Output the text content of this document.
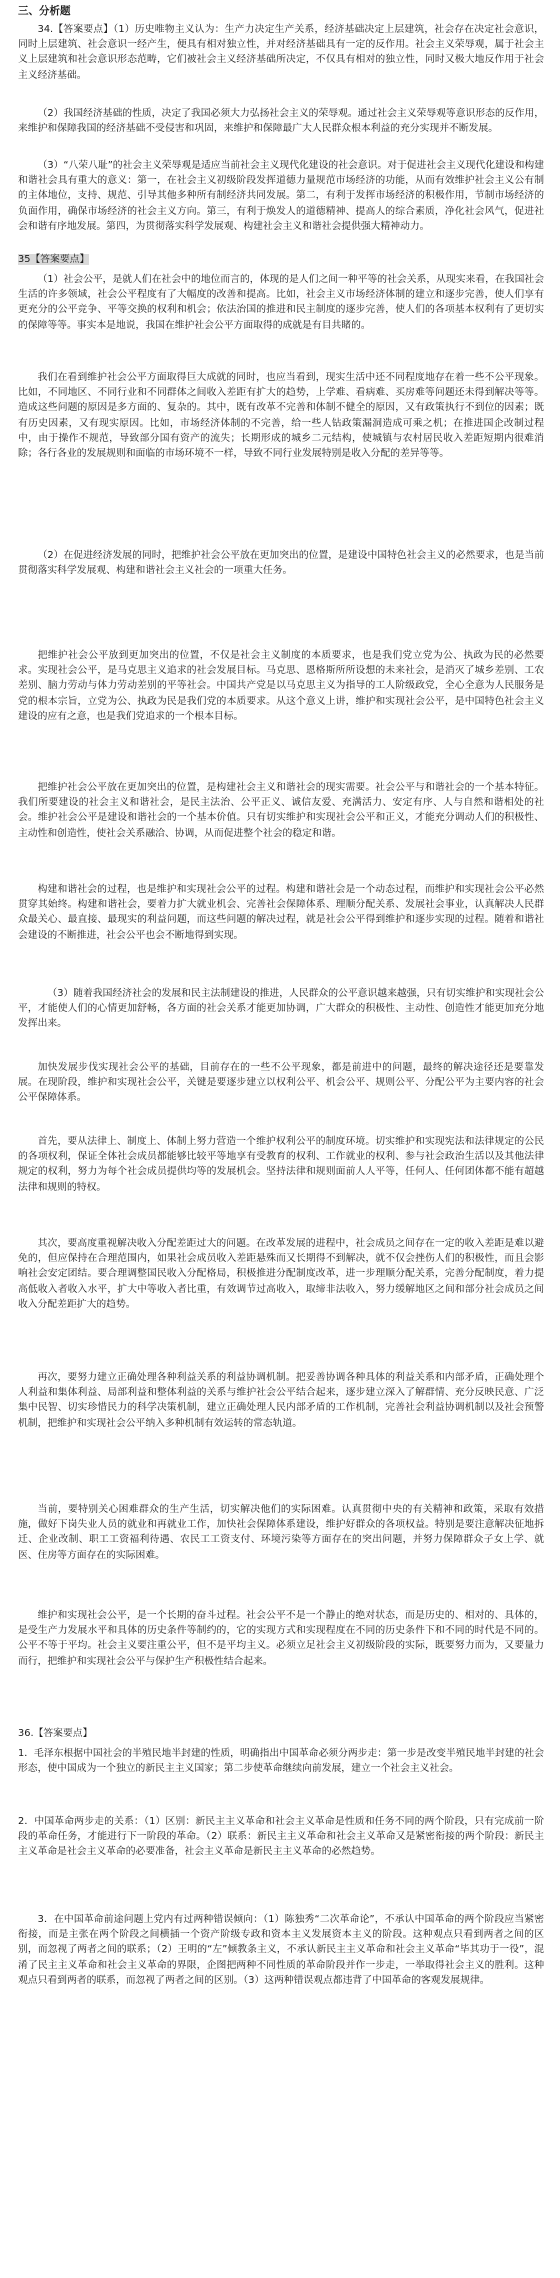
三、分析题

34.【答案要点】（1）历史唯物主义认为：生产力决定生产关系，经济基础决定上层建筑，社会存在决定社会意识，同时上层建筑、社会意识一经产生，便具有相对独立性，并对经济基础具有一定的反作用。社会主义荣辱观，属于社会主义上层建筑和社会意识形态范畴，它们被社会主义经济基础所决定，不仅具有相对的独立性，同时又极大地反作用于社会主义经济基础。

（2）我国经济基础的性质，决定了我国必须大力弘扬社会主义的荣辱观。通过社会主义荣辱观等意识形态的反作用，来维护和保障我国的经济基础不受侵害和巩固，来维护和保障最广大人民群众根本利益的充分实现并不断发展。

（3）“八荣八耻”的社会主义荣辱观是适应当前社会主义现代化建设的社会意识。对于促进社会主义现代化建设和构建和谐社会具有重大的意义：第一，在社会主义初级阶段发挥道德力量规范市场经济的功能，从而有效维护社会主义公有制的主体地位，支持、规范、引导其他多种所有制经济共同发展。第二，有利于发挥市场经济的积极作用，节制市场经济的负面作用，确保市场经济的社会主义方向。第三，有利于焕发人的道德精神、提高人的综合素质，净化社会风气，促进社会和谐有序地发展。第四，为贯彻落实科学发展观、构建社会主义和谐社会提供强大精神动力。

35【答案要点】

（1）社会公平，是就人们在社会中的地位而言的，体现的是人们之间一种平等的社会关系，从现实来看，在我国社会生活的许多领域，社会公平程度有了大幅度的改善和提高。比如，社会主义市场经济体制的建立和逐步完善，使人们享有更充分的公平竞争、平等交换的权利和机会；依法治国的推进和民主制度的逐步完善，使人们的各项基本权利有了更切实的保障等等。事实本是地说，我国在维护社会公平方面取得的成就是有目共睹的。

我们在看到维护社会公平方面取得巨大成就的同时，也应当看到，现实生活中还不同程度地存在着一些不公平现象。比如，不同地区、不同行业和不同群体之间收入差距有扩大的趋势，上学难、看病难、买房难等问题还未得到解决等等。造成这些问题的原因是多方面的、复杂的。其中，既有改革不完善和体制不健全的原因，又有政策执行不到位的因素；既有历史因素，又有现实原因。比如，市场经济体制的不完善，给一些人钻政策漏洞造成可乘之机；在推进国企改制过程中，由于操作不规范，导致部分国有资产的流失；长期形成的城乡二元结构，使城镇与农村居民收入差距短期内很难消除；各行各业的发展规则和面临的市场环境不一样，导致不同行业发展特别是收入分配的差异等等。

（2）在促进经济发展的同时，把维护社会公平放在更加突出的位置，是建设中国特色社会主义的必然要求，也是当前贯彻落实科学发展观、构建和谐社会主义社会的一项重大任务。

把维护社会公平放到更加突出的位置，不仅是社会主义制度的本质要求，也是我们党立党为公、执政为民的必然要求。实现社会公平，是马克思主义追求的社会发展目标。马克思、恩格斯所所设想的未来社会，是消灭了城乡差别、工农差别、脑力劳动与体力劳动差别的平等社会。中国共产党是以马克思主义为指导的工人阶级政党，全心全意为人民服务是党的根本宗旨，立党为公、执政为民是我们党的本质要求。从这个意义上讲，维护和实现社会公平，是中国特色社会主义建设的应有之意，也是我们党追求的一个根本目标。

把维护社会公平放在更加突出的位置，是构建社会主义和谐社会的现实需要。社会公平与和谐社会的一个基本特征。我们所要建设的社会主义和谐社会，是民主法治、公平正义、诚信友爱、充满活力、安定有序、人与自然和谐相处的社会。维护社会公平是建设和谐社会的一个基本价值。只有切实维护和实现社会公平和正义，才能充分调动人们的积极性、主动性和创造性，使社会关系融洽、协调，从而促进整个社会的稳定和谐。

构建和谐社会的过程，也是维护和实现社会公平的过程。构建和谐社会是一个动态过程，而维护和实现社会公平必然贯穿其始终。构建和谐社会，要着力扩大就业机会、完善社会保障体系、理顺分配关系、发展社会事业，认真解决人民群众最关心、最直接、最现实的利益问题，而这些问题的解决过程，就是社会公平得到维护和逐步实现的过程。随着和谐社会建设的不断推进，社会公平也会不断地得到实现。

（3）随着我国经济社会的发展和民主法制建设的推进，人民群众的公平意识越来越强，只有切实维护和实现社会公平，才能使人们的心情更加舒畅，各方面的社会关系才能更加协调，广大群众的积极性、主动性、创造性才能更加充分地发挥出来。

加快发展步伐实现社会公平的基础，目前存在的一些不公平现象，都是前进中的问题，最终的解决途径还是要靠发展。在现阶段，维护和实现社会公平，关键是要逐步建立以权利公平、机会公平、规则公平、分配公平为主要内容的社会公平保障体系。

首先，要从法律上、制度上、体制上努力营造一个维护权利公平的制度环境。切实维护和实现宪法和法律规定的公民的各项权利，保证全体社会成员都能够比较平等地享有受教育的权利、工作就业的权利、参与社会政治生活以及其他法律规定的权利，努力为每个社会成员提供均等的发展机会。坚持法律和规则面前人人平等，任何人、任何团体都不能有超越法律和规则的特权。

其次，要高度重视解决收入分配差距过大的问题。在改革发展的进程中，社会成员之间存在一定的收入差距是难以避免的，但应保持在合理范围内，如果社会成员收入差距悬殊而又长期得不到解决，就不仅会挫伤人们的积极性，而且会影响社会安定团结。要合理调整国民收入分配格局，积极推进分配制度改革，进一步理顺分配关系，完善分配制度，着力提高低收入者收入水平，扩大中等收入者比重，有效调节过高收入，取缔非法收入，努力缓解地区之间和部分社会成员之间收入分配差距扩大的趋势。

再次，要努力建立正确处理各种利益关系的利益协调机制。把妥善协调各种具体的利益关系和内部矛盾，正确处理个人利益和集体利益、局部利益和整体利益的关系与维护社会公平结合起来，逐步建立深入了解群情、充分反映民意、广泛集中民智、切实珍惜民力的科学决策机制，建立正确处理人民内部矛盾的工作机制，完善社会利益协调机制以及社会预警机制，把维护和实现社会公平纳入多种机制有效运转的常态轨道。

当前，要特别关心困难群众的生产生活，切实解决他们的实际困难。认真贯彻中央的有关精神和政策，采取有效措施，做好下岗失业人员的就业和再就业工作，加快社会保障体系建设，维护好群众的各项权益。特别是要注意解决征地拆迁、企业改制、职工工资福利待遇、农民工工资支付、环境污染等方面存在的突出问题，并努力保障群众子女上学、就医、住房等方面存在的实际困难。

维护和实现社会公平，是一个长期的奋斗过程。社会公平不是一个静止的绝对状态，而是历史的、相对的、具体的，是受生产力发展水平和具体的历史条件等制约的，它的实现方式和实现程度在不同的历史条件下和不同的时代是不同的。公平不等于平均。社会主义要注重公平，但不是平均主义。必须立足社会主义初级阶段的实际，既要努力而为，又要量力而行，把维护和实现社会公平与保护生产积极性结合起来。

36.【答案要点】

1．毛泽东根据中国社会的半殖民地半封建的性质，明确指出中国革命必须分两步走：第一步是改变半殖民地半封建的社会形态，使中国成为一个独立的新民主主义国家；第二步使革命继续向前发展，建立一个社会主义社会。

2．中国革命两步走的关系：（1）区别：新民主主义革命和社会主义革命是性质和任务不同的两个阶段，只有完成前一阶段的革命任务，才能进行下一阶段的革命。（2）联系：新民主主义革命和社会主义革命又是紧密衔接的两个阶段：新民主主义革命是社会主义革命的必要准备，社会主义革命是新民主主义革命的必然趋势。

3．在中国革命前途问题上党内有过两种错误倾向：（1）陈独秀“二次革命论”，不承认中国革命的两个阶段应当紧密衔接，而是主张在两个阶段之间横插一个资产阶级专政和资本主义发展资本主义的阶段。这种观点只看到两者之间的区别，而忽视了两者之间的联系；（2）王明的“左”倾教条主义，不承认新民主主义革命和社会主义革命“毕其功于一役”，混淆了民主主义革命和社会主义革命的界限，企图把两种不同性质的革命阶段并作一步走，一举取得社会主义的胜利。这种观点只看到两者的联系，而忽视了两者之间的区别。（3）这两种错误观点都违背了中国革命的客观发展规律。
